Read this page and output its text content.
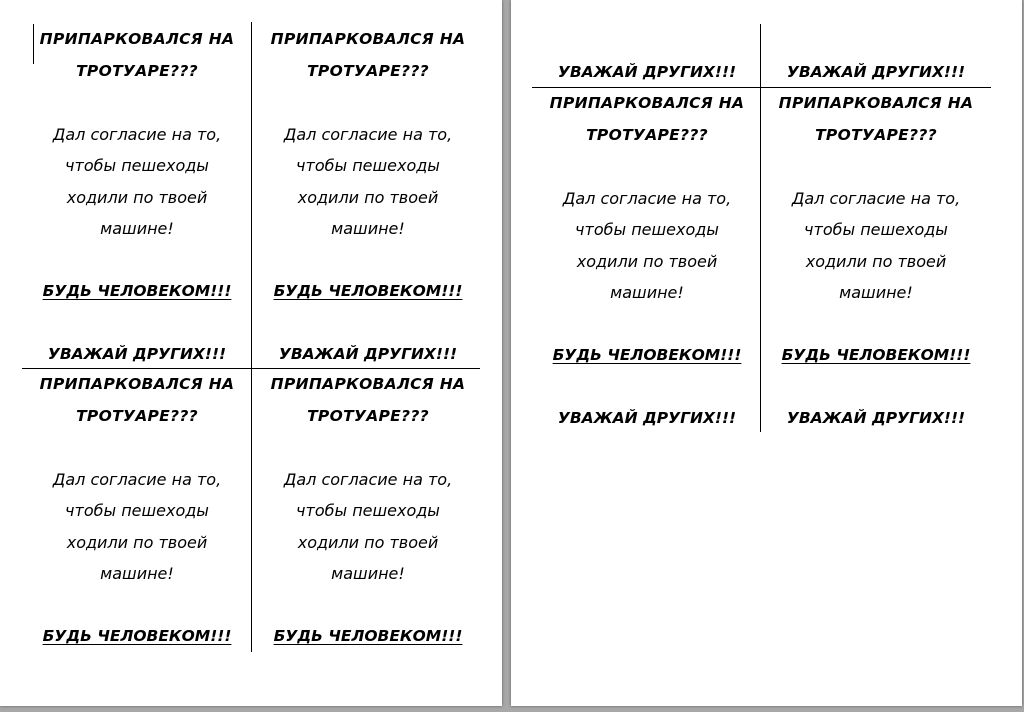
ПРИПАРКОВАЛСЯ НА
ТРОТУАРЕ???
Дал согласие на то,
чтобы пешеходы
ходили по твоей
машине!
БУДЬ ЧЕЛОВЕКОМ!!!
УВАЖАЙ ДРУГИХ!!!
ПРИПАРКОВАЛСЯ НА
ТРОТУАРЕ???
Дал согласие на то,
чтобы пешеходы
ходили по твоей
машине!
БУДЬ ЧЕЛОВЕКОМ!!!
УВАЖАЙ ДРУГИХ!!!
ПРИПАРКОВАЛСЯ НА
ТРОТУАРЕ???
Дал согласие на то,
чтобы пешеходы
ходили по твоей
машине!
БУДЬ ЧЕЛОВЕКОМ!!!
ПРИПАРКОВАЛСЯ НА
ТРОТУАРЕ???
Дал согласие на то,
чтобы пешеходы
ходили по твоей
машине!
БУДЬ ЧЕЛОВЕКОМ!!!
УВАЖАЙ ДРУГИХ!!!	УВАЖАЙ ДРУГИХ!!!
ПРИПАРКОВАЛСЯ НА
ТРОТУАРЕ???
Дал согласие на то,
чтобы пешеходы
ходили по твоей
машине!
БУДЬ ЧЕЛОВЕКОМ!!!
УВАЖАЙ ДРУГИХ!!!
ПРИПАРКОВАЛСЯ НА
ТРОТУАРЕ???
Дал согласие на то,
чтобы пешеходы
ходили по твоей
машине!
БУДЬ ЧЕЛОВЕКОМ!!!
УВАЖАЙ ДРУГИХ!!!
